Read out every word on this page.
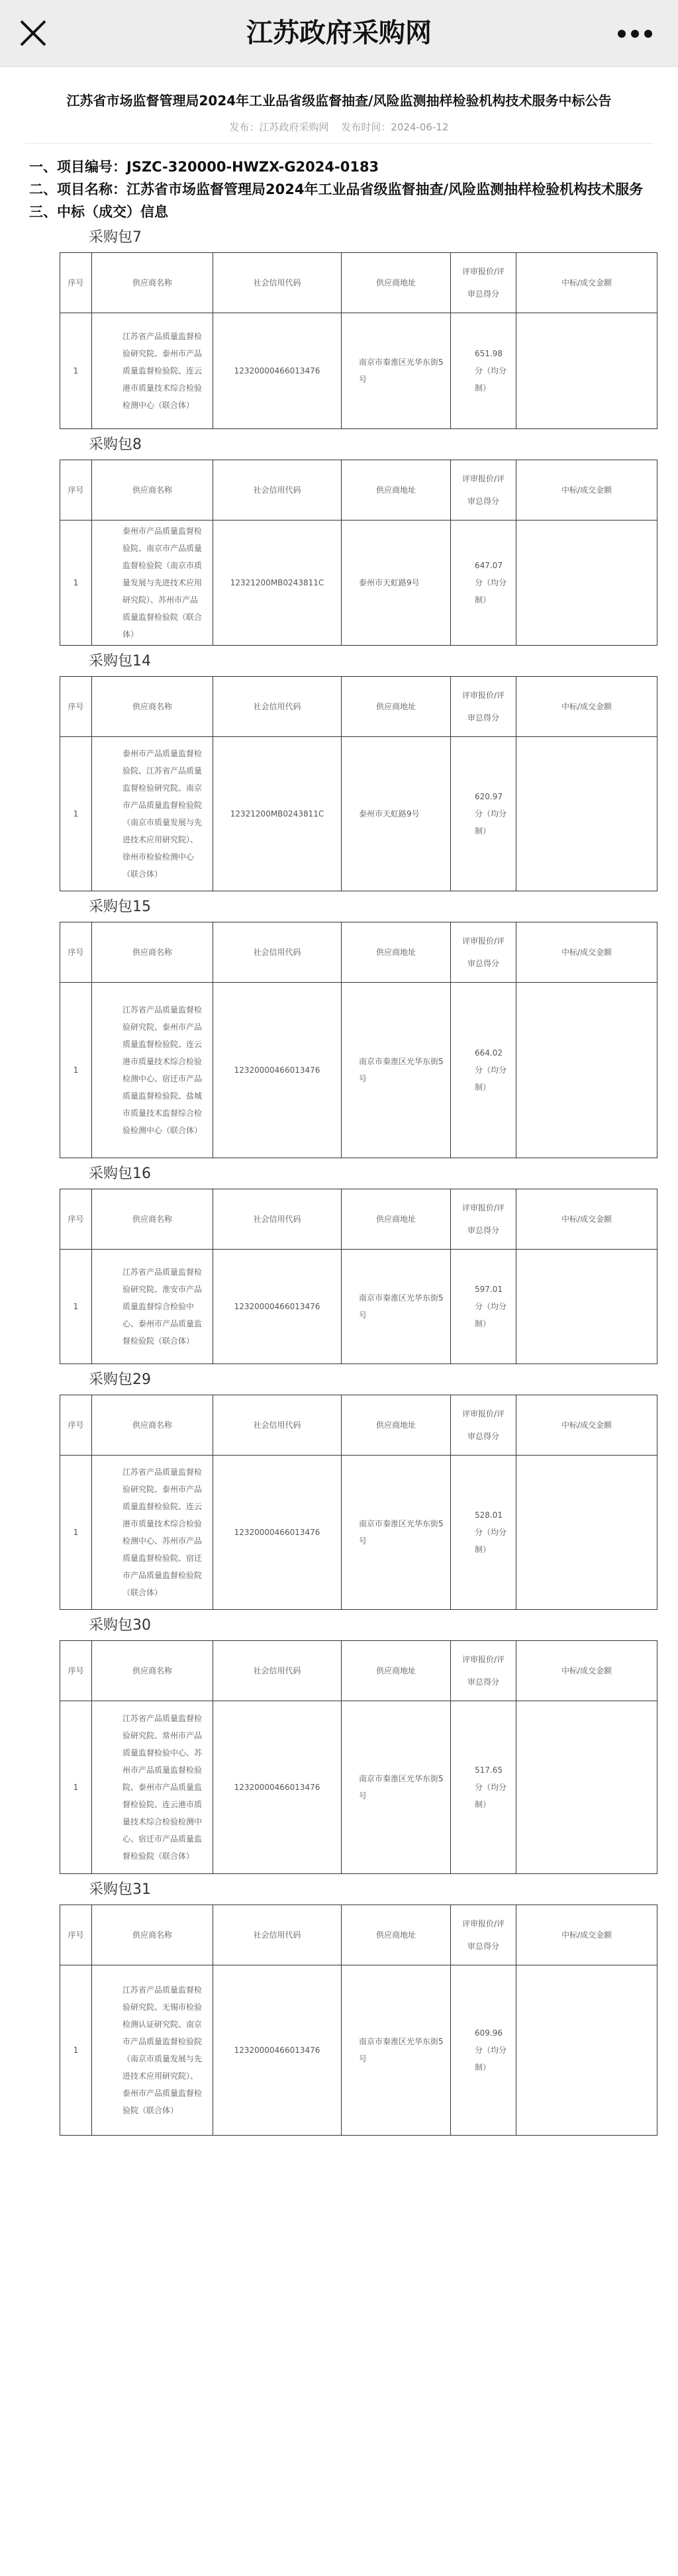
江苏政府采购网
江苏省市场监督管理局2024年工业品省级监督抽查/风险监测抽样检验机构技术服务中标公告
发布：江苏政府采购网 发布时间：2024-06-12
一、项目编号：JSZC-320000-HWZX-G2024-0183
二、项目名称：江苏省市场监督管理局2024年工业品省级监督抽查/风险监测抽样检验机构技术服务
三、中标（成交）信息
采购包7
序号	供应商名称	社会信用代码	供应商地址	评审报价/评审总得分	中标/成交金额
1	江苏省产品质量监督检验研究院、泰州市产品质量监督检验院、连云港市质量技术综合检验检测中心（联合体）	12320000466013476	南京市秦淮区光华东街5号	651.98分（均分制）	
采购包8
序号	供应商名称	社会信用代码	供应商地址	评审报价/评审总得分	中标/成交金额
1	泰州市产品质量监督检验院、南京市产品质量监督检验院（南京市质量发展与先进技术应用研究院）、苏州市产品质量监督检验院（联合体）	12321200MB0243811C	泰州市天虹路9号	647.07分（均分制）	
采购包14
序号	供应商名称	社会信用代码	供应商地址	评审报价/评审总得分	中标/成交金额
1	泰州市产品质量监督检验院、江苏省产品质量监督检验研究院、南京市产品质量监督检验院（南京市质量发展与先进技术应用研究院）、徐州市检验检测中心（联合体）	12321200MB0243811C	泰州市天虹路9号	620.97分（均分制）	
采购包15
序号	供应商名称	社会信用代码	供应商地址	评审报价/评审总得分	中标/成交金额
1	江苏省产品质量监督检验研究院、泰州市产品质量监督检验院、连云港市质量技术综合检验检测中心、宿迁市产品质量监督检验院、盐城市质量技术监督综合检验检测中心（联合体）	12320000466013476	南京市秦淮区光华东街5号	664.02分（均分制）	
采购包16
序号	供应商名称	社会信用代码	供应商地址	评审报价/评审总得分	中标/成交金额
1	江苏省产品质量监督检验研究院、淮安市产品质量监督综合检验中心、泰州市产品质量监督检验院（联合体）	12320000466013476	南京市秦淮区光华东街5号	597.01分（均分制）	
采购包29
序号	供应商名称	社会信用代码	供应商地址	评审报价/评审总得分	中标/成交金额
1	江苏省产品质量监督检验研究院、泰州市产品质量监督检验院、连云港市质量技术综合检验检测中心、苏州市产品质量监督检验院、宿迁市产品质量监督检验院（联合体）	12320000466013476	南京市秦淮区光华东街5号	528.01分（均分制）	
采购包30
序号	供应商名称	社会信用代码	供应商地址	评审报价/评审总得分	中标/成交金额
1	江苏省产品质量监督检验研究院、常州市产品质量监督检验中心、苏州市产品质量监督检验院、泰州市产品质量监督检验院、连云港市质量技术综合检验检测中心、宿迁市产品质量监督检验院（联合体）	12320000466013476	南京市秦淮区光华东街5号	517.65分（均分制）	
采购包31
序号	供应商名称	社会信用代码	供应商地址	评审报价/评审总得分	中标/成交金额
1	江苏省产品质量监督检验研究院、无锡市检验检测认证研究院、南京市产品质量监督检验院（南京市质量发展与先进技术应用研究院）、泰州市产品质量监督检验院（联合体）	12320000466013476	南京市秦淮区光华东街5号	609.96分（均分制）	
